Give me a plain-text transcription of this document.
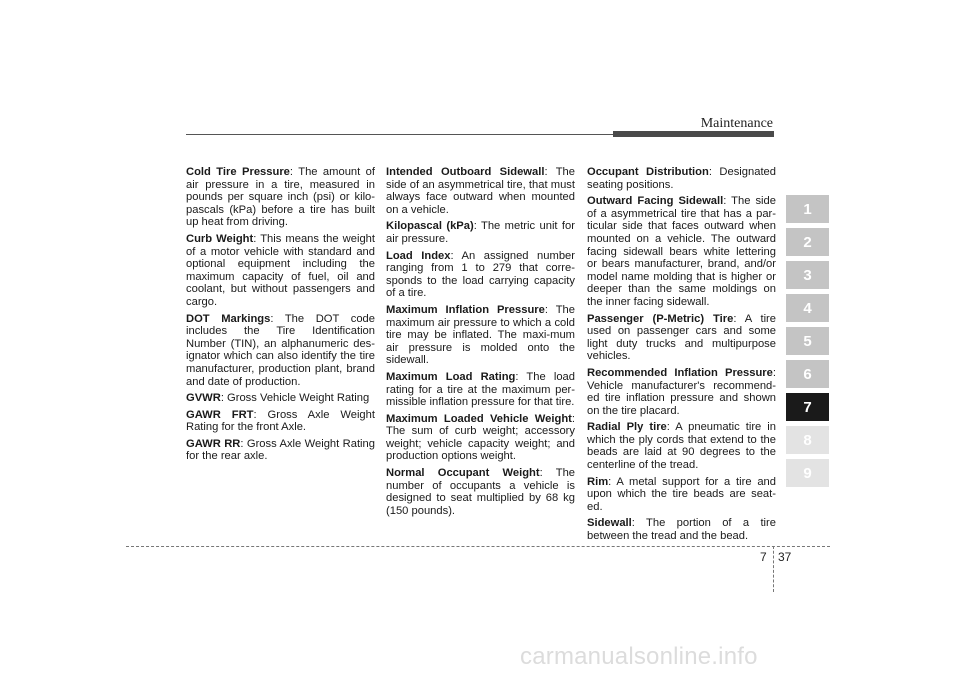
Maintenance

Cold Tire Pressure: The amount of air pressure in a tire, measured in pounds per square inch (psi) or kilo-pascals (kPa) before a tire has built up heat from driving.

Curb Weight: This means the weight of a motor vehicle with standard and optional equipment including the maximum capacity of fuel, oil and coolant, but without passengers and cargo.

DOT Markings: The DOT code includes the Tire Identification Number (TIN), an alphanumeric des-ignator which can also identify the tire manufacturer, production plant, brand and date of production.

GVWR: Gross Vehicle Weight Rating

GAWR FRT: Gross Axle Weight Rating for the front Axle.

GAWR RR: Gross Axle Weight Rating for the rear axle.

Intended Outboard Sidewall: The side of an asymmetrical tire, that must always face outward when mounted on a vehicle.

Kilopascal (kPa): The metric unit for air pressure.

Load Index: An assigned number ranging from 1 to 279 that corre-sponds to the load carrying capacity of a tire.

Maximum Inflation Pressure: The maximum air pressure to which a cold tire may be inflated. The maxi-mum air pressure is molded onto the sidewall.

Maximum Load Rating: The load rating for a tire at the maximum per-missible inflation pressure for that tire.

Maximum Loaded Vehicle Weight: The sum of curb weight; accessory weight; vehicle capacity weight; and production options weight.

Normal Occupant Weight: The number of occupants a vehicle is designed to seat multiplied by 68 kg (150 pounds).

Occupant Distribution: Designated seating positions.

Outward Facing Sidewall: The side of a asymmetrical tire that has a par-ticular side that faces outward when mounted on a vehicle. The outward facing sidewall bears white lettering or bears manufacturer, brand, and/or model name molding that is higher or deeper than the same moldings on the inner facing sidewall.

Passenger (P-Metric) Tire: A tire used on passenger cars and some light duty trucks and multipurpose vehicles.

Recommended Inflation Pressure: Vehicle manufacturer's recommend-ed tire inflation pressure and shown on the tire placard.

Radial Ply tire: A pneumatic tire in which the ply cords that extend to the beads are laid at 90 degrees to the centerline of the tread.

Rim: A metal support for a tire and upon which the tire beads are seat-ed.

Sidewall: The portion of a tire between the tread and the bead.

1
2
3
4
5
6
7
8
9
7 37
carmanualsonline.info
